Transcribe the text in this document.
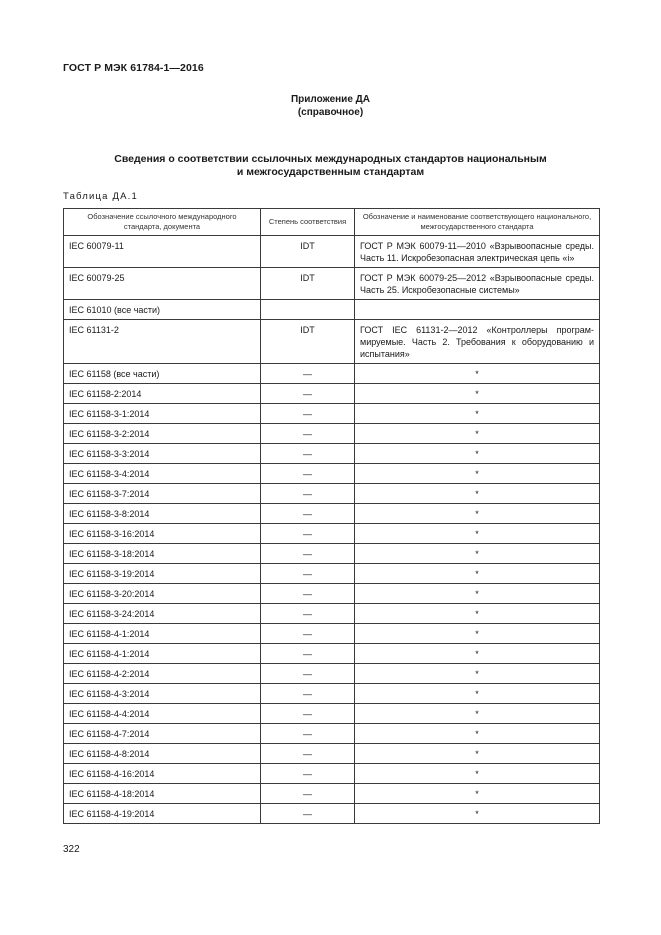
ГОСТ Р МЭК 61784-1—2016
Приложение ДА
(справочное)
Сведения о соответствии ссылочных международных стандартов национальным
и межгосударственным стандартам
Таблица ДА.1
Обозначение ссылочного международного стандарта, документа	Степень соответствия	Обозначение и наименование соответствующего национального, межгосударственного стандарта
IEC 60079-11	IDT	ГОСТ Р МЭК 60079-11—2010 «Взрывоопасные среды. Часть 11. Искробезопасная электрическая цепь «i»
IEC 60079-25	IDT	ГОСТ Р МЭК 60079-25—2012 «Взрывоопасные среды. Часть 25. Искробезопасные системы»
IEC 61010 (все части)		
IEC 61131-2	IDT	ГОСТ IEC 61131-2—2012 «Контроллеры програм-мируемые. Часть 2. Требования к оборудованию и испытания»
IEC 61158 (все части)	—	*
IEC 61158-2:2014	—	*
IEC 61158-3-1:2014	—	*
IEC 61158-3-2:2014	—	*
IEC 61158-3-3:2014	—	*
IEC 61158-3-4:2014	—	*
IEC 61158-3-7:2014	—	*
IEC 61158-3-8:2014	—	*
IEC 61158-3-16:2014	—	*
IEC 61158-3-18:2014	—	*
IEC 61158-3-19:2014	—	*
IEC 61158-3-20:2014	—	*
IEC 61158-3-24:2014	—	*
IEC 61158-4-1:2014	—	*
IEC 61158-4-1:2014	—	*
IEC 61158-4-2:2014	—	*
IEC 61158-4-3:2014	—	*
IEC 61158-4-4:2014	—	*
IEC 61158-4-7:2014	—	*
IEC 61158-4-8:2014	—	*
IEC 61158-4-16:2014	—	*
IEC 61158-4-18:2014	—	*
IEC 61158-4-19:2014	—	*
322
